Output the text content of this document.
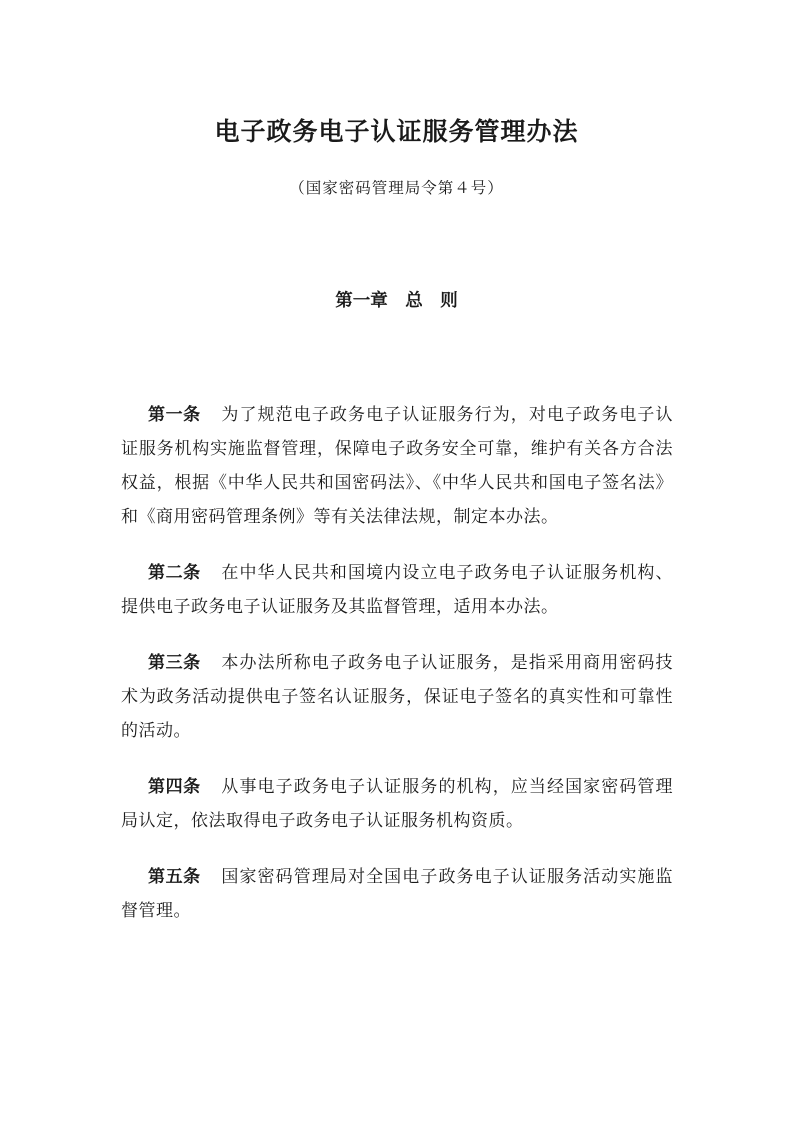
电子政务电子认证服务管理办法
（国家密码管理局令第４号）
第一章　总　则

第一条 为了规范电子政务电子认证服务行为，对电子政务电子认证服务机构实施监督管理，保障电子政务安全可靠，维护有关各方合法权益，根据《中华人民共和国密码法》、《中华人民共和国电子签名法》和《商用密码管理条例》等有关法律法规，制定本办法。

第二条 在中华人民共和国境内设立电子政务电子认证服务机构、提供电子政务电子认证服务及其监督管理，适用本办法。

第三条 本办法所称电子政务电子认证服务，是指采用商用密码技术为政务活动提供电子签名认证服务，保证电子签名的真实性和可靠性的活动。

第四条 从事电子政务电子认证服务的机构，应当经国家密码管理局认定，依法取得电子政务电子认证服务机构资质。

第五条 国家密码管理局对全国电子政务电子认证服务活动实施监督管理。
